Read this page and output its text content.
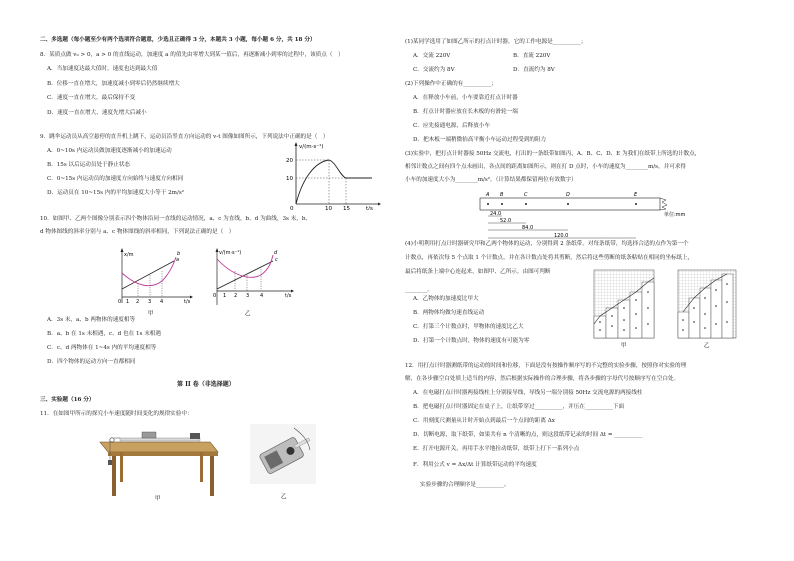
二、多选题（每小题至少有两个选项符合题意，少选且正确得 3 分，本题共 3 小题，每小题 6 分，共 18 分）
8．某质点做 v₀ > 0，a > 0 的直线运动，加速度 a 的值先由零增大到某一值后，再逐渐减小到零的过程中，该质点（　）
A．当加速度达最大值时，速度也达到最大值
B．位移一直在增大，加速度减小到零后仍然继续增大
C．速度一直在增大，最后保持不变
D．速度一直在增大，速度先增大后减小
9．跳伞运动员从高空悬停的直升机上跳下，运动员沿竖直方向运动的 v-t 图像如图所示，下列说法中正确的是（　）
A．0~10s 内运动员做加速度逐渐减小的加速运动
B．15s 以后运动员处于静止状态
C．0~15s 内运动员的加速度方向始终与速度方向相同
D．运动员在 10~15s 内的平均加速度大小等于 2m/s²
v/(m·s⁻¹)
20
10
0	10 15	t/s
10．如图甲、乙两个图像分别表示四个物体沿同一直线的运动情况，a、c 为直线，b、d 为曲线，3s 末，b、
d 物体图线的斜率分别与 a、c 物体图线的斜率相同，下列说法正确的是（　）
x/m
0 1 2 3 4	t/s
a
b
甲
v/(m·s⁻¹)
0 1 2 3 4	t/s
c
d
乙
A．3s 末，a、b 两物体的速度相等
B．a、b 在 1s 末相遇，c、d 也在 1s 末相遇
C．c、d 两物体在 1~4s 内的平均速度相等
D．四个物体的运动方向一直都相同
第 II 卷（非选择题）
三、实验题（16 分）
11．在如图甲所示的探究小车速度随时间变化的规律实验中：
甲	乙
(1)某同学选用了如图乙所示的打点计时器，它的工作电源是__________；
A．交流 220V	B．直流 220V
C．交流约为 8V	D．直流约为 8V
(2)下列操作中正确的有__________；
A．在释放小车前，小车要靠近打点计时器
B．打点计时器应放在长木板的有滑轮一端
C．应先接通电源，后释放小车
D．把木板一端稍微抬高平衡小车运动过程受到的阻力
(3)实验中，把打点计时器接 50Hz 交流电，打出的一条纸带如图丙，A、B、C、D、E 为我们在纸带上所选的计数点，
相邻计数点之间有四个点未画出，各点间的距离如图所示，则在打 D 点时，小车的速度为________m/s，并可求得
小车的加速度大小为________m/s²。（计算结果都保留两位有效数字）
A B	C	D	E
24.0
52.0
84.0
120.0
单位:mm
(4)小明利用打点计时器研究甲和乙两个物体的运动，分别得到 2 条纸带。对每条纸带，均选择合适的点作为第一个
计数点，再依次每 5 个点取 1 个计数点，并在各计数点处将其剪断，然后将这些剪断的纸条粘贴在相同的坐标纸上，
最后将纸条上端中心连起来，如图甲、乙所示。由图可判断
________。
A．乙物体的加速度比甲大
B．两物体均做匀速直线运动
C．打第三个计数点时，甲物体的速度比乙大
D．打第一个计数点时，物体的速度有可能为零
甲	乙
12．用打点计时器测纸带的运动的时间和位移，下面是没有按操作顺序写的不完整的实验步骤，按照你对实验的理
解，在各步骤空白处填上适当的内容，然后根据实际操作的合理步骤，将各步骤的字母代号按顺序写在空白处。
A．在电磁打点计时器两接线柱上分别接导线，导线另一端分别接 50Hz 交流电源的两接线柱
B．把电磁打点计时器固定在桌子上，让纸带穿过__________，并压在__________下面
C．用刻度尺测量从计时开始点到最后一个点间的距离 Δx
D．切断电源，取下纸带，如果共有 n 个清晰的点，则这段纸带记录的时间 Δt = __________
E．打开电源开关，再用手水平地拉动纸带，纸带上打下一系列小点
F．利用公式 v = Δx/Δt 计算纸带运动的平均速度
实验步骤的合理顺序是__________。
